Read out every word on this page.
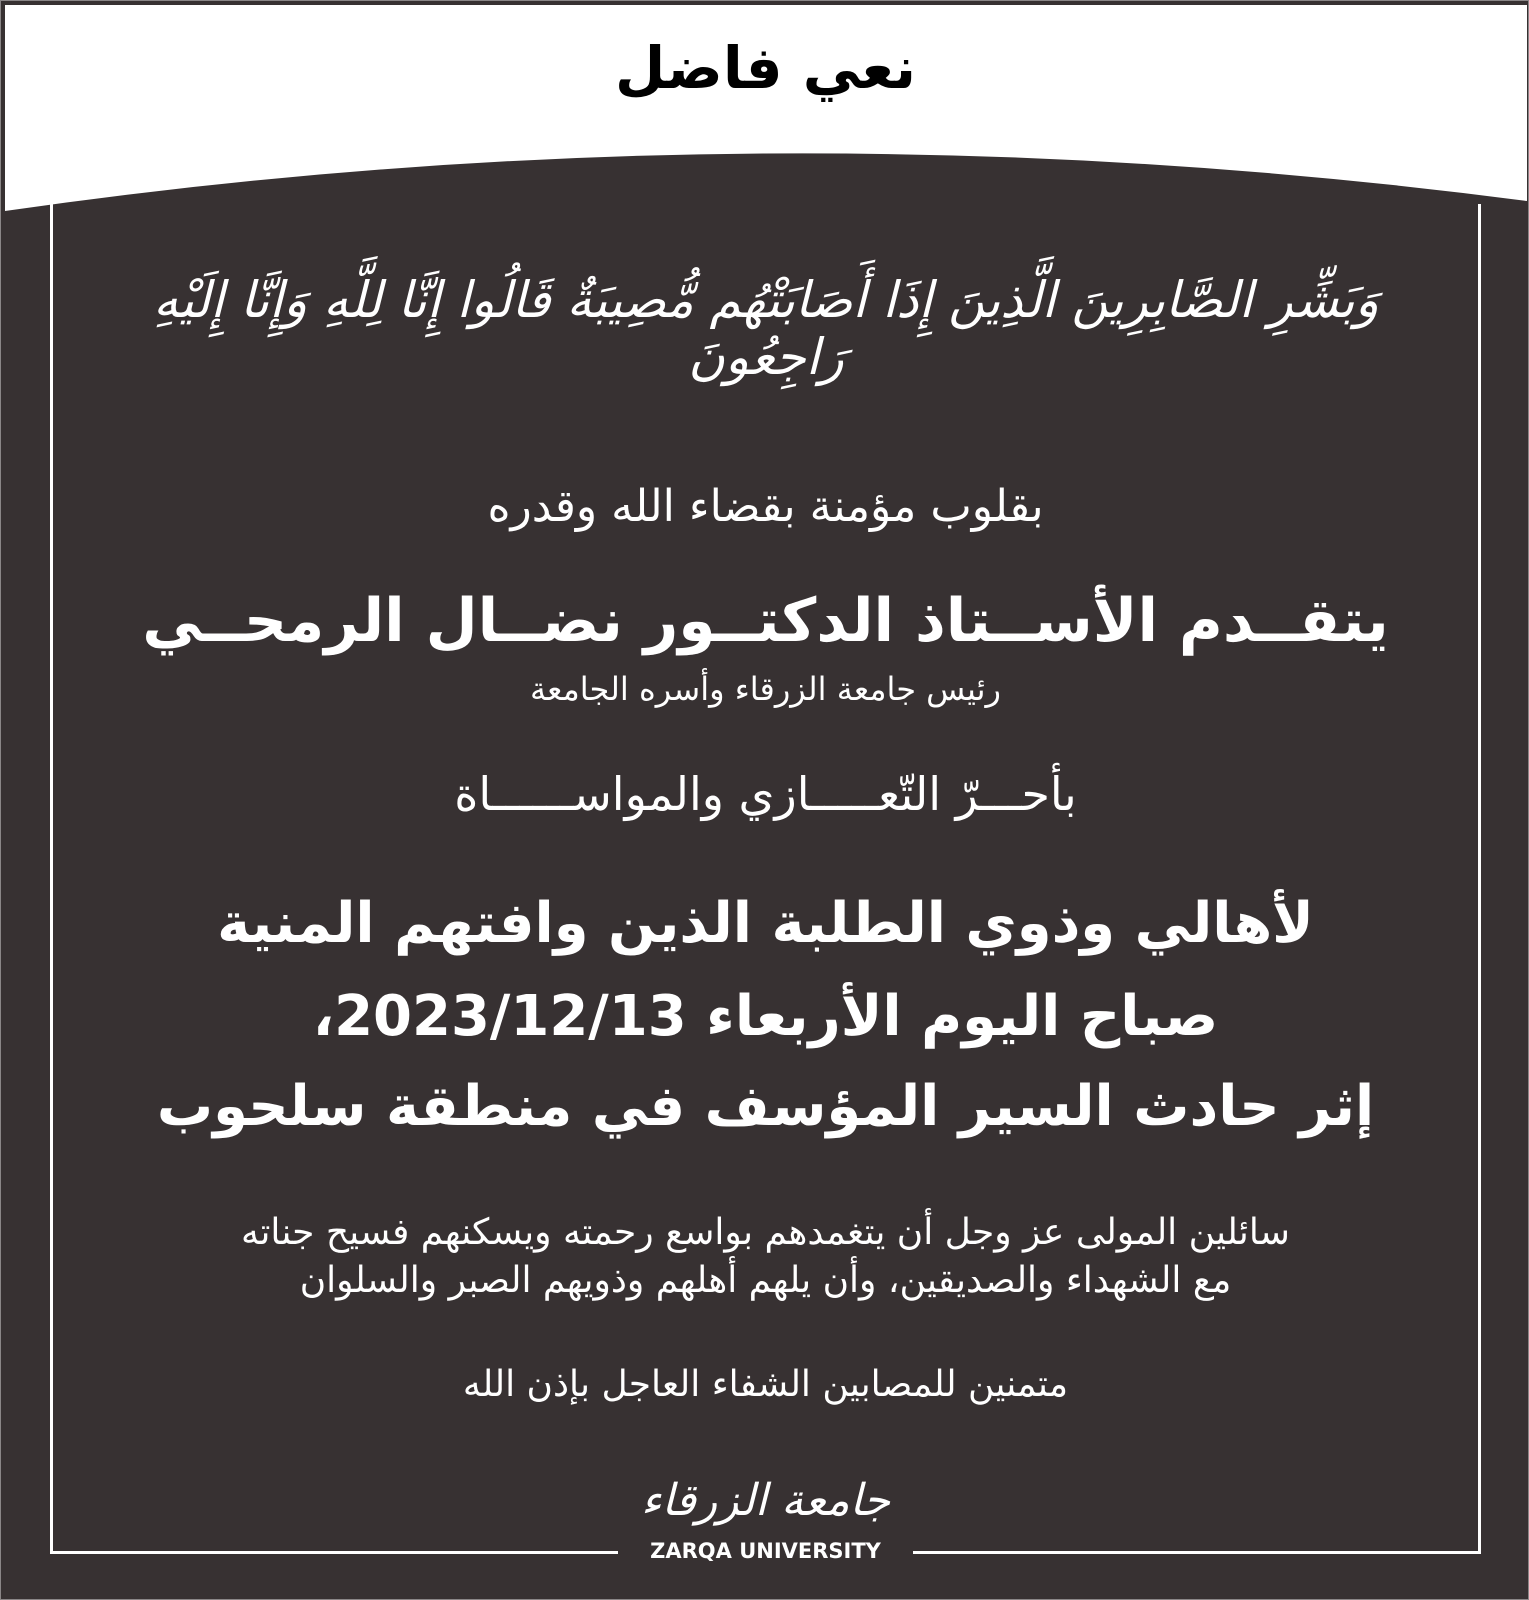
نعي فاضل
وَبَشِّرِ الصَّابِرِينَ الَّذِينَ إِذَا أَصَابَتْهُم مُّصِيبَةٌ قَالُوا إِنَّا لِلَّهِ وَإِنَّا إِلَيْهِ رَاجِعُونَ
بقلوب مؤمنة بقضاء الله وقدره
يتقــدم الأســتاذ الدكتــور نضــال الرمحــي
رئيس جامعة الزرقاء وأسره الجامعة
بأحـــرّ التّعـــــازي والمواســــــاة
لأهالي وذوي الطلبة الذين وافتهم المنية
صباح اليوم الأربعاء 2023/12/13،
إثر حادث السير المؤسف في منطقة سلحوب
سائلين المولى عز وجل أن يتغمدهم بواسع رحمته ويسكنهم فسيح جناته
مع الشهداء والصديقين، وأن يلهم أهلهم وذويهم الصبر والسلوان
متمنين للمصابين الشفاء العاجل بإذن الله
جامعة الزرقاء
ZARQA UNIVERSITY
